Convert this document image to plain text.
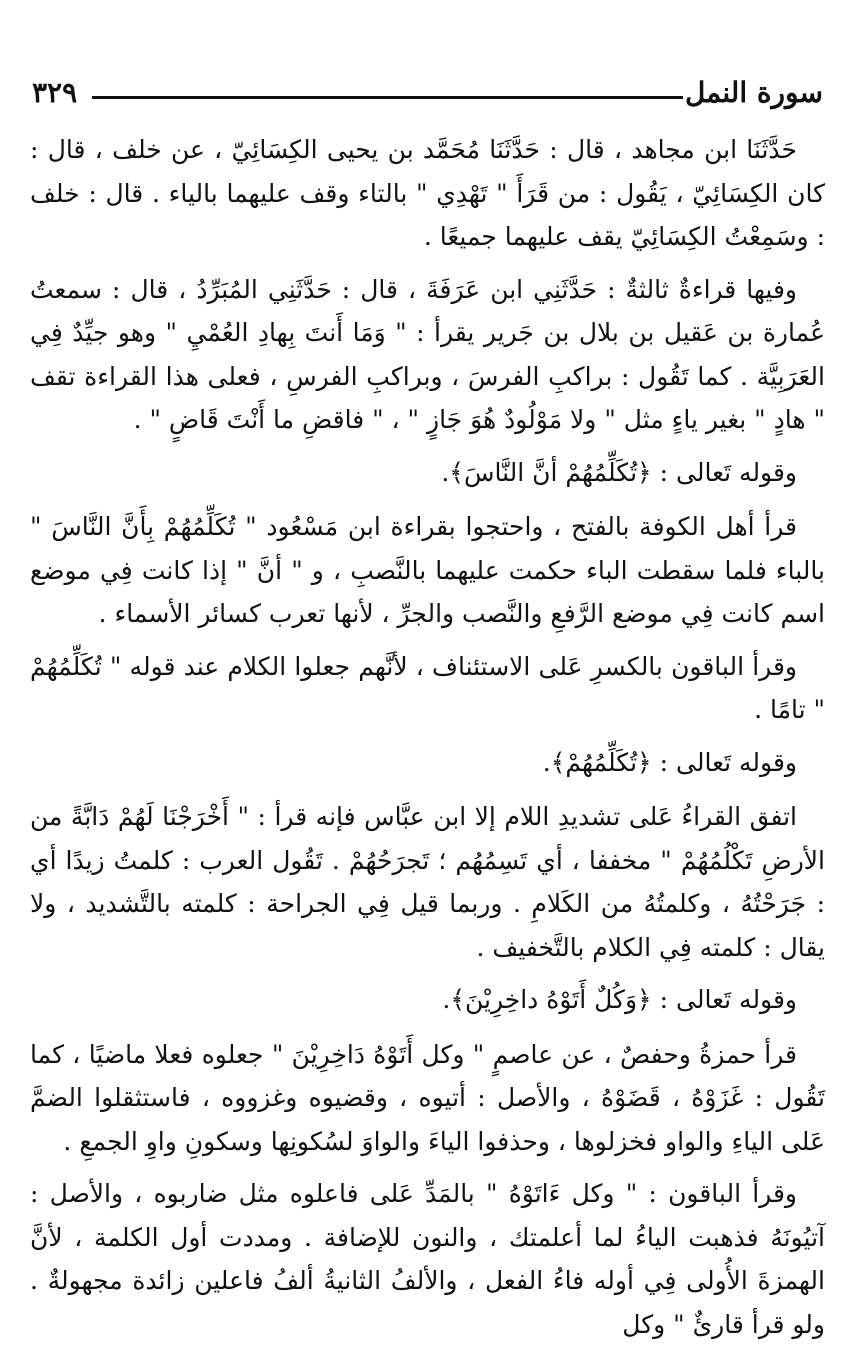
سورة النمل
٣٢٩

حَدَّثَنَا ابن مجاهد ، قال : حَدَّثَنَا مُحَمَّد بن يحيى الكِسَائِيّ ، عن خلف ، قال : كان الكِسَائِيّ ، يَقُول : من قَرَأَ " تَهْدِي " بالتاء وقف عليهما بالياء . قال : خلف : وسَمِعْتُ الكِسَائِيّ يقف عليهما جميعًا .

وفيها قراءةٌ ثالثةٌ : حَدَّثَنِي ابن عَرَفَةَ ، قال : حَدَّثَنِي المُبَرِّدُ ، قال : سمعتُ عُمارة بن عَقيل بن بلال بن جَرير يقرأ : " وَمَا أَنتَ بِهادِ العُمْيِ " وهو جيِّدٌ فِي العَرَبِيَّة . كما تَقُول : براكبِ الفرسَ ، وبراكبِ الفرسِ ، فعلى هذا القراءة تقف " هادٍ " بغير ياءٍ مثل " ولا مَوْلُودٌ هُوَ جَازٍ " ، " فاقضِ ما أَنْتَ قَاضٍ " .

وقوله تَعالى : ﴿تُكَلِّمُهُمْ أنَّ النَّاسَ﴾.

قرأ أهل الكوفة بالفتح ، واحتجوا بقراءة ابن مَسْعُود " تُكَلِّمُهُمْ بِأَنَّ النَّاسَ " بالباء فلما سقطت الباء حكمت عليهما بالنَّصبِ ، و " أنَّ " إذا كانت فِي موضع اسم كانت فِي موضع الرَّفعِ والنَّصب والجرِّ ، لأنها تعرب كسائر الأسماء .

وقرأ الباقون بالكسرِ عَلى الاستئناف ، لأنَّهم جعلوا الكلام عند قوله " تُكَلِّمُهُمْ " تامًا .

وقوله تَعالى : ﴿تُكَلِّمُهُمْ﴾.

اتفق القراءُ عَلى تشديدِ اللام إلا ابن عبَّاس فإنه قرأ : " أَخْرَجْنَا لَهُمْ دَابَّةً من الأرضِ تَكْلُمُهُمْ " مخففا ، أي تَسِمُهُم ؛ تَجرَحُهُمْ . تَقُول العرب : كلمتُ زيدًا أي : جَرَحْتُهُ ، وكلمتُهُ من الكَلامِ . وربما قيل فِي الجراحة : كلمته بالتَّشديد ، ولا يقال : كلمته فِي الكلام بالتَّخفيف .

وقوله تَعالى : ﴿وَكُلٌ أَتَوْهُ داخِرِيْنَ﴾.

قرأ حمزةُ وحفصٌ ، عن عاصمٍ " وكل أَتَوْهُ دَاخِرِيْنَ " جعلوه فعلا ماضيًا ، كما تَقُول : غَزَوْهُ ، قَضَوْهُ ، والأصل : أتيوه ، وقضيوه وغزووه ، فاستثقلوا الضمَّ عَلى الياءِ والواو فخزلوها ، وحذفوا الياءَ والواوَ لسُكونِها وسكونِ واوِ الجمعِ .

وقرأ الباقون : " وكل ءَاتَوْهُ " بالمَدِّ عَلى فاعلوه مثل ضاربوه ، والأصل : آتيُونَهُ فذهبت الياءُ لما أعلمتك ، والنون للإضافة . ومددت أول الكلمة ، لأنَّ الهمزةَ الأُولى فِي أوله فاءُ الفعل ، والألفُ الثانيةُ ألفُ فاعلين زائدة مجهولةٌ . ولو قرأ قارئٌ " وكل
